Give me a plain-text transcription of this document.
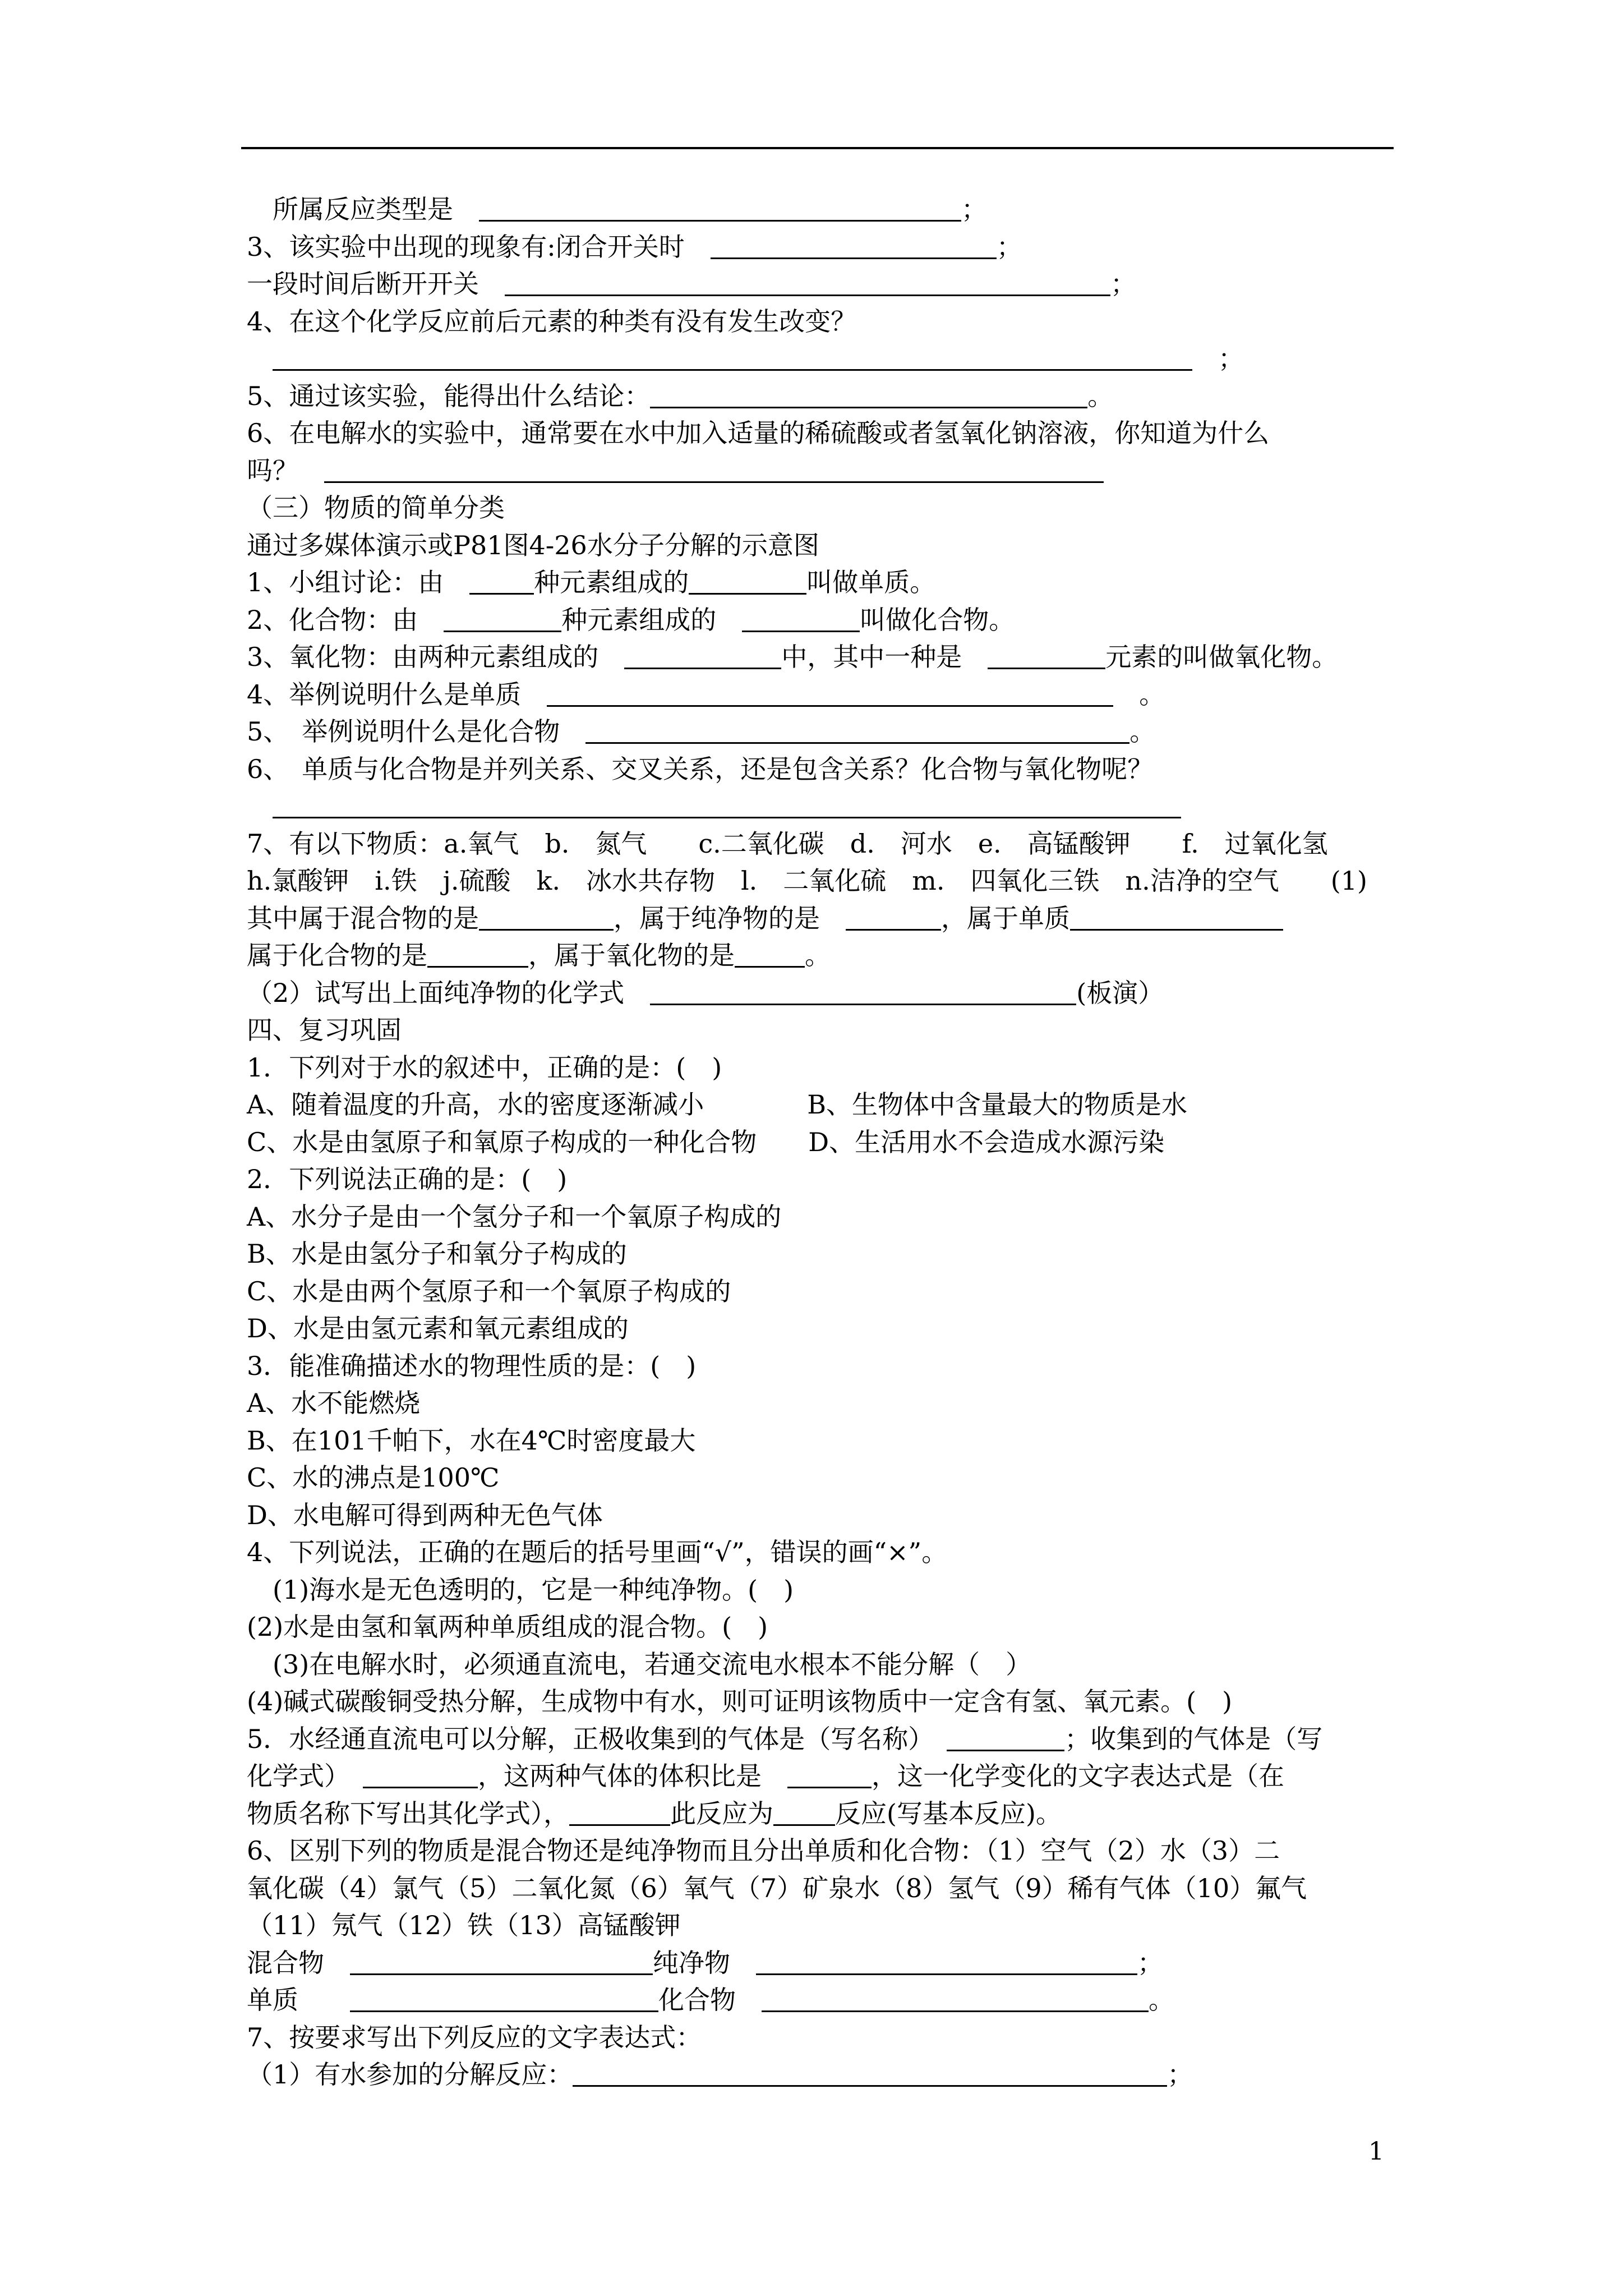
　所属反应类型是　	；
3、该实验中出现的现象有:闭合开关时　	；
一段时间后断开开关　	；
4、在这个化学反应前后元素的种类有没有发生改变？
　　；
5、通过该实验，能得出什么结论：	。
6、在电解水的实验中，通常要在水中加入适量的稀硫酸或者氢氧化钠溶液，你知道为什么
吗？　
（三）物质的简单分类
通过多媒体演示或P81图4-26水分子分解的示意图
1、小组讨论：由　	种元素组成的	叫做单质。
2、化合物：由　	种元素组成的　	叫做化合物。
3、氧化物：由两种元素组成的　	中，其中一种是　	元素的叫做氧化物。
4、举例说明什么是单质　	　。
5、　举例说明什么是化合物　	。
6、　单质与化合物是并列关系、交叉关系，还是包含关系？化合物与氧化物呢？

7、有以下物质：a.氧气　b.　氮气　　c.二氧化碳　d.　河水　e.　高锰酸钾　　f.　过氧化氢
h.氯酸钾　i.铁　j.硫酸　k.　冰水共存物　l.　二氧化硫　m.　四氧化三铁　n.洁净的空气　　(1)
其中属于混合物的是	，属于纯净物的是　	，属于单质
属于化合物的是	，属于氧化物的是	。
（2）试写出上面纯净物的化学式　	(板演）
四、复习巩固
1．下列对于水的叙述中，正确的是：(　)
A、随着温度的升高，水的密度逐渐减小　　　　B、生物体中含量最大的物质是水
C、水是由氢原子和氧原子构成的一种化合物　　D、生活用水不会造成水源污染
2．下列说法正确的是：(　)
A、水分子是由一个氢分子和一个氧原子构成的
B、水是由氢分子和氧分子构成的
C、水是由两个氢原子和一个氧原子构成的
D、水是由氢元素和氧元素组成的
3．能准确描述水的物理性质的是：(　)
A、水不能燃烧
B、在101千帕下，水在4℃时密度最大
C、水的沸点是100℃
D、水电解可得到两种无色气体
4、下列说法，正确的在题后的括号里画“√”，错误的画“×”。
　(1)海水是无色透明的，它是一种纯净物。(　)
(2)水是由氢和氧两种单质组成的混合物。(　)
　(3)在电解水时，必须通直流电，若通交流电水根本不能分解（　）
(4)碱式碳酸铜受热分解，生成物中有水，则可证明该物质中一定含有氢、氧元素。(　)
5．水经通直流电可以分解，正极收集到的气体是（写名称）　	；收集到的气体是（写
化学式）　	，这两种气体的体积比是　	，这一化学变化的文字表达式是（在
物质名称下写出其化学式），	此反应为 反应(写基本反应)。
6、区别下列的物质是混合物还是纯净物而且分出单质和化合物：（1）空气（2）水（3）二
氧化碳（4）氯气（5）二氧化氮（6）氧气（7）矿泉水（8）氢气（9）稀有气体（10）氟气
（11）氖气（12）铁（13）高锰酸钾
混合物　	纯净物　	；
单质　　	化合物　	。
7、按要求写出下列反应的文字表达式：
（1）有水参加的分解反应：	；
1
